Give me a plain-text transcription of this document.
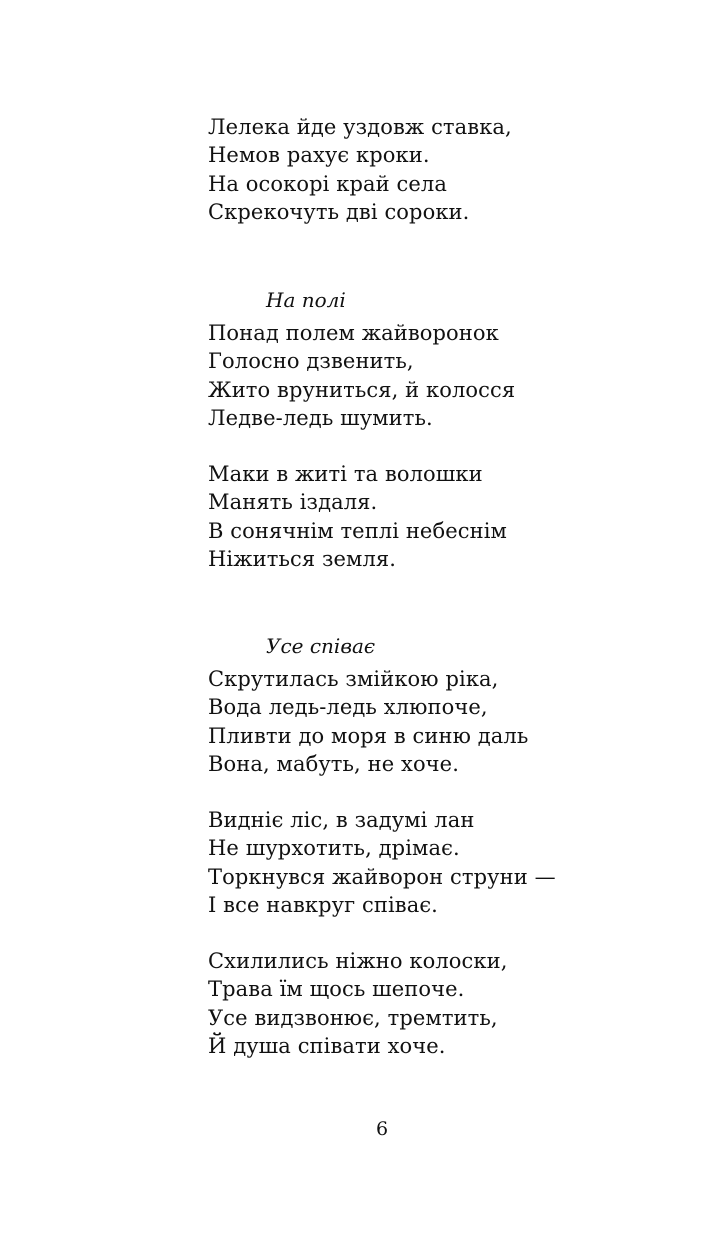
Лелека йде уздовж ставка,
Немов рахує кроки.
На осокорі край села
Скрекочуть дві сороки.
На полі
Понад полем жайворонок
Голосно дзвенить,
Жито вруниться, й колосся
Ледве-ледь шумить.
Маки в житі та волошки
Манять іздаля.
В сонячнім теплі небеснім
Ніжиться земля.
Усе співає
Скрутилась змійкою ріка,
Вода ледь-ледь хлюпоче,
Пливти до моря в синю даль
Вона, мабуть, не хоче.
Видніє ліс, в задумі лан
Не шурхотить, дрімає.
Торкнувся жайворон струни —
І все навкруг співає.
Схилились ніжно колоски,
Трава їм щось шепоче.
Усе видзвонює, тремтить,
Й душа співати хоче.
6
